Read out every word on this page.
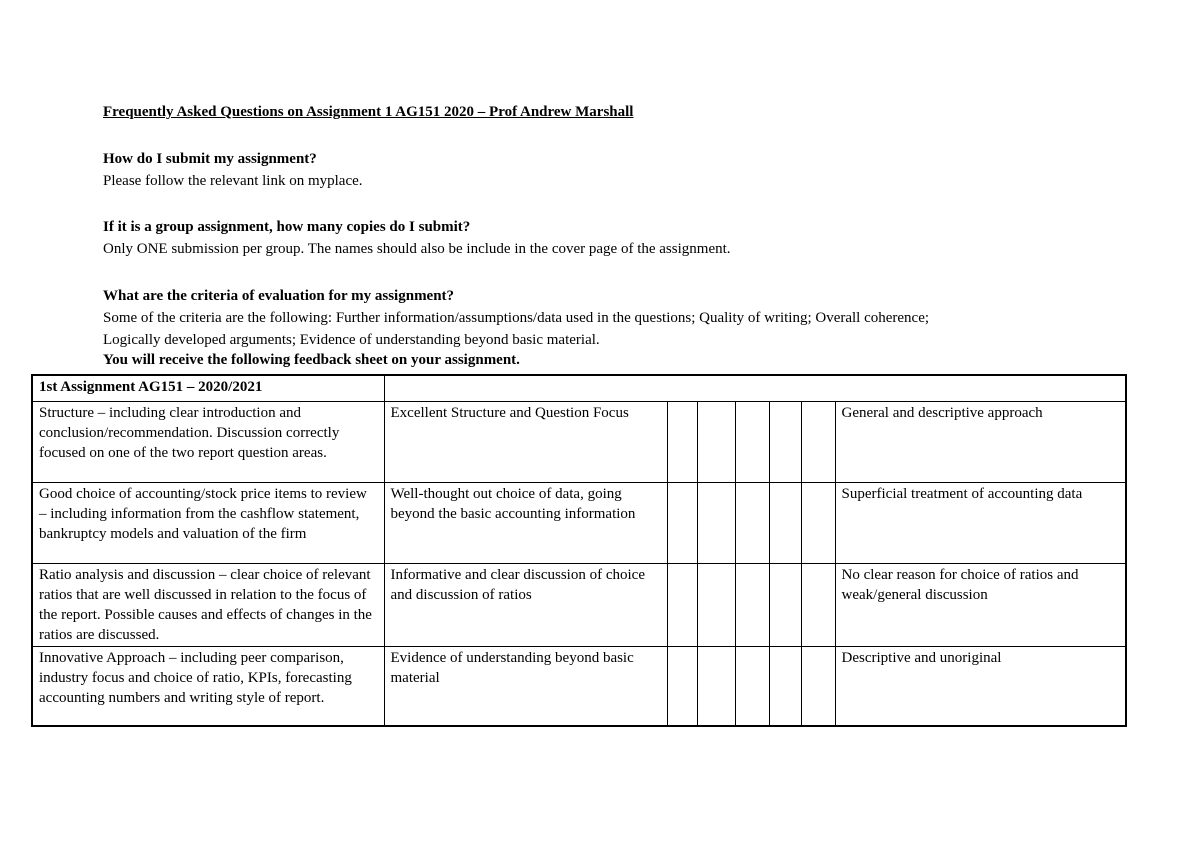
Frequently Asked Questions on Assignment 1 AG151 2020 – Prof Andrew Marshall
How do I submit my assignment?
Please follow the relevant link on myplace.
If it is a group assignment, how many copies do I submit?
Only ONE submission per group. The names should also be include in the cover page of the assignment.
What are the criteria of evaluation for my assignment?
Some of the criteria are the following: Further information/assumptions/data used in the questions; Quality of writing; Overall coherence;
Logically developed arguments; Evidence of understanding beyond basic material.
You will receive the following feedback sheet on your assignment.
1st Assignment AG151 – 2020/2021							
Structure – including clear introduction and conclusion/recommendation. Discussion correctly focused on one of the two report question areas.	Excellent Structure and Question Focus						General and descriptive approach
Good choice of accounting/stock price items to review – including information from the cashflow statement, bankruptcy models and valuation of the firm	Well-thought out choice of data, going beyond the basic accounting information						Superficial treatment of accounting data
Ratio analysis and discussion – clear choice of relevant ratios that are well discussed in relation to the focus of the report. Possible causes and effects of changes in the ratios are discussed.	Informative and clear discussion of choice and discussion of ratios						No clear reason for choice of ratios and weak/general discussion
Innovative Approach – including peer comparison, industry focus and choice of ratio, KPIs, forecasting accounting numbers and writing style of report.	Evidence of understanding beyond basic material						Descriptive and unoriginal
